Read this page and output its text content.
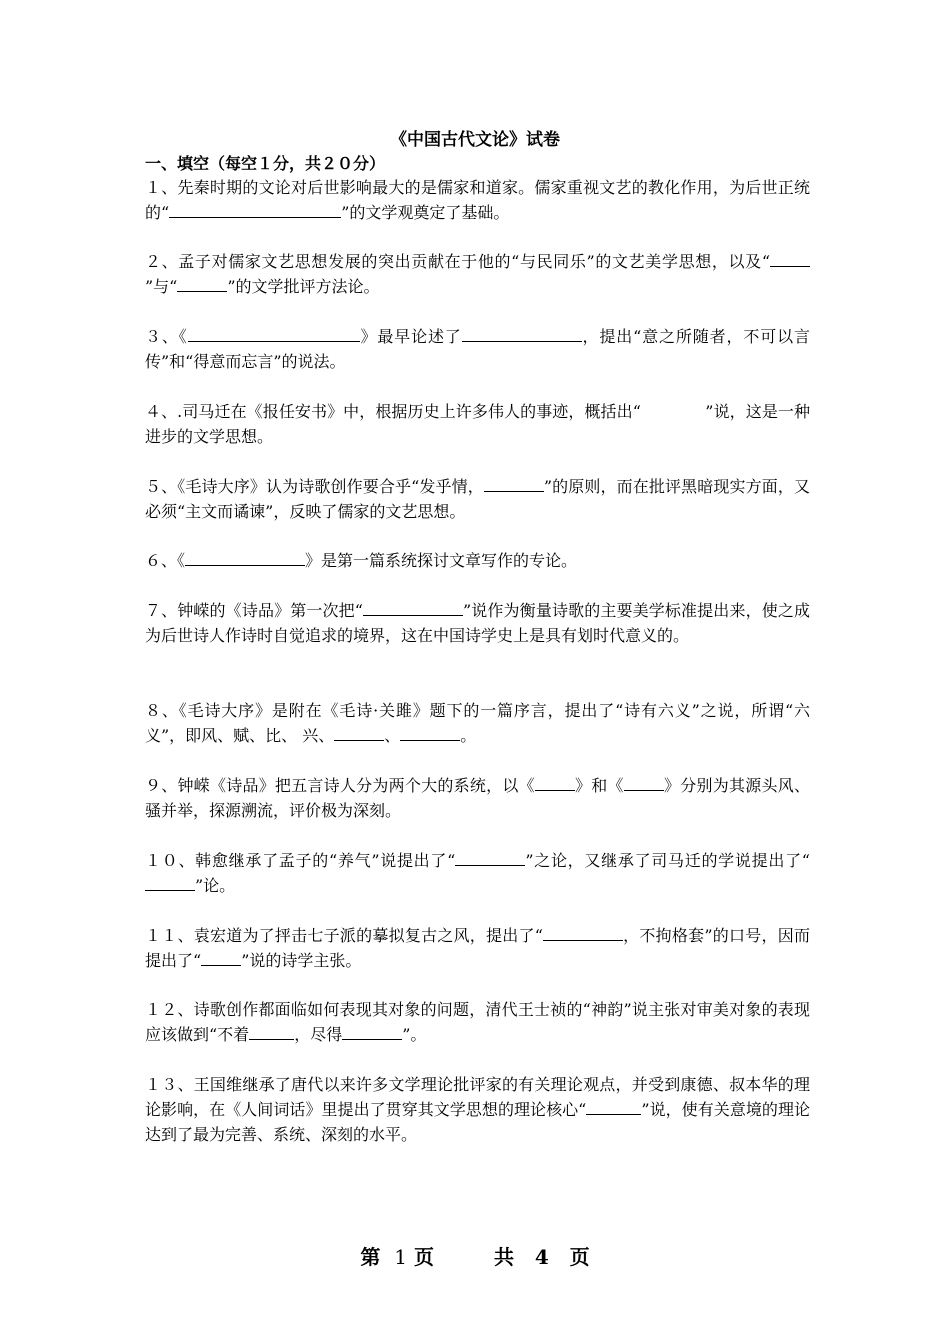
《中国古代文论》试卷
一、填空（每空１分，共２０分）
１、先秦时期的文论对后世影响最大的是儒家和道家。儒家重视文艺的教化作用，为后世正统的“	”的文学观奠定了基础。
２、孟子对儒家文艺思想发展的突出贡献在于他的“与民同乐”的文艺美学思想，以及“”与“	”的文学批评方法论。
３、《	》最早论述了	，提出“意之所随者，不可以言传”和“得意而忘言”的说法。
４、.司马迁在《报任安书》中，根据历史上许多伟人的事迹，概括出“　　　　”说，这是一种进步的文学思想。
５、《毛诗大序》认为诗歌创作要合乎“发乎情，	”的原则，而在批评黑暗现实方面，又必须“主文而谲谏”，反映了儒家的文艺思想。
６、《	》是第一篇系统探讨文章写作的专论。
７、钟嵘的《诗品》第一次把“	”说作为衡量诗歌的主要美学标准提出来，使之成为后世诗人作诗时自觉追求的境界，这在中国诗学史上是具有划时代意义的。
８、《毛诗大序》是附在《毛诗·关雎》题下的一篇序言，提出了“诗有六义”之说，所谓“六义”，即风、赋、比、 兴、	、	。
９、钟嵘《诗品》把五言诗人分为两个大的系统，以《	》和《	》分别为其源头风、骚并举，探源溯流，评价极为深刻。
１０、韩愈继承了孟子的“养气”说提出了“	”之论，又继承了司马迁的学说提出了“”论。
１１、袁宏道为了抨击七子派的摹拟复古之风，提出了“	，不拘格套”的口号，因而提出了“	”说的诗学主张。
１２、诗歌创作都面临如何表现其对象的问题，清代王士祯的“神韵”说主张对审美对象的表现应该做到“不着	，尽得	”。
１３、王国维继承了唐代以来许多文学理论批评家的有关理论观点，并受到康德、叔本华的理论影响，在《人间词话》里提出了贯穿其文学思想的理论核心“	”说，使有关意境的理论达到了最为完善、系统、深刻的水平。
第 1 页	共 4 页
